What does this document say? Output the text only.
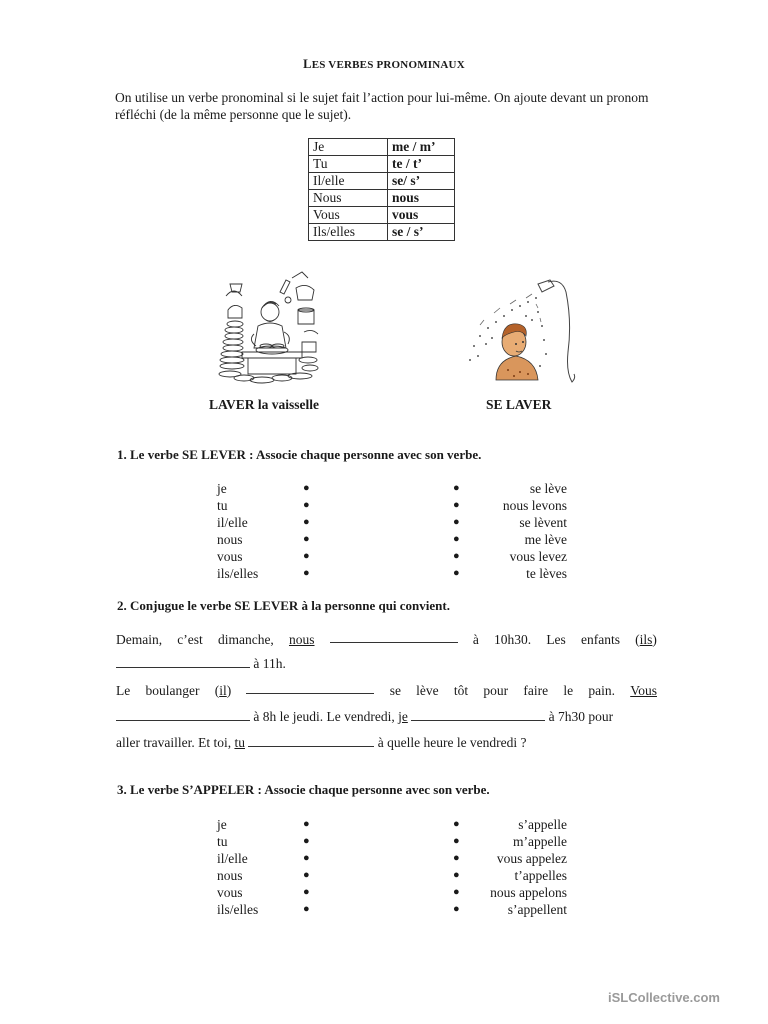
LES VERBES PRONOMINAUX
On utilise un verbe pronominal si le sujet fait l’action pour lui-même. On ajoute devant un pronom réfléchi (de la même personne que le sujet).
Je	me / m’
Tu	te / t’
Il/elle	se/ s’
Nous	nous
Vous	vous
Ils/elles	se / s’
LAVER la vaisselle	SE LAVER
1. Le verbe SE LEVER : Associe chaque personne avec son verbe.
je	●	●	se lève
tu	●	●	nous levons
il/elle	●	●	se lèvent
nous	●	●	me lève
vous	●	●	vous levez
ils/elles	●	●	te lèves
2. Conjugue le verbe SE LEVER à la personne qui convient.
Demain, c’est dimanche, nous	à 10h30. Les enfants (ils)
à 11h.
Le boulanger (il)	se lève tôt pour faire le pain. Vous
à 8h le jeudi. Le vendredi, je	à 7h30 pour
aller travailler. Et toi, tu	à quelle heure le vendredi ?
3. Le verbe S’APPELER : Associe chaque personne avec son verbe.
je	●	●	s’appelle
tu	●	●	m’appelle
il/elle	●	●	vous appelez
nous	●	●	t’appelles
vous	●	● nous appelons
ils/elles	●	●	s’appellent
iSLCollective.com
